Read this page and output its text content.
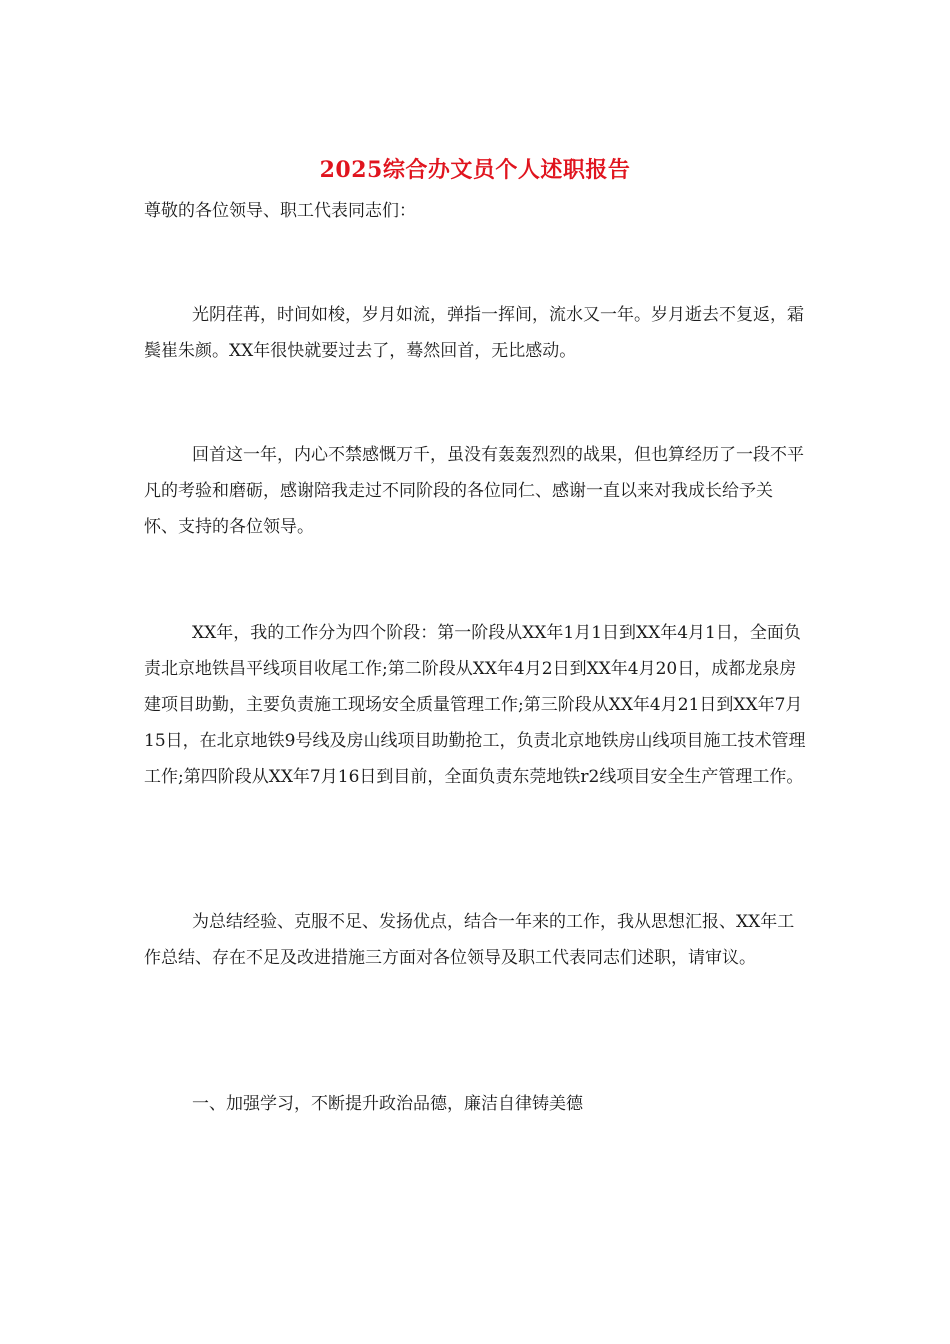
2025综合办文员个人述职报告
尊敬的各位领导、职工代表同志们：

光阴荏苒，时间如梭，岁月如流，弹指一挥间，流水又一年。岁月逝去不复返，霜鬓崔朱颜。XX年很快就要过去了，蓦然回首，无比感动。

回首这一年，内心不禁感慨万千，虽没有轰轰烈烈的战果，但也算经历了一段不平凡的考验和磨砺，感谢陪我走过不同阶段的各位同仁、感谢一直以来对我成长给予关怀、支持的各位领导。

XX年，我的工作分为四个阶段：第一阶段从XX年1月1日到XX年4月1日，全面负责北京地铁昌平线项目收尾工作;第二阶段从XX年4月2日到XX年4月20日，成都龙泉房建项目助勤，主要负责施工现场安全质量管理工作;第三阶段从XX年4月21日到XX年7月15日，在北京地铁9号线及房山线项目助勤抢工，负责北京地铁房山线项目施工技术管理工作;第四阶段从XX年7月16日到目前，全面负责东莞地铁r2线项目安全生产管理工作。

为总结经验、克服不足、发扬优点，结合一年来的工作，我从思想汇报、XX年工作总结、存在不足及改进措施三方面对各位领导及职工代表同志们述职，请审议。

一、加强学习，不断提升政治品德，廉洁自律铸美德
